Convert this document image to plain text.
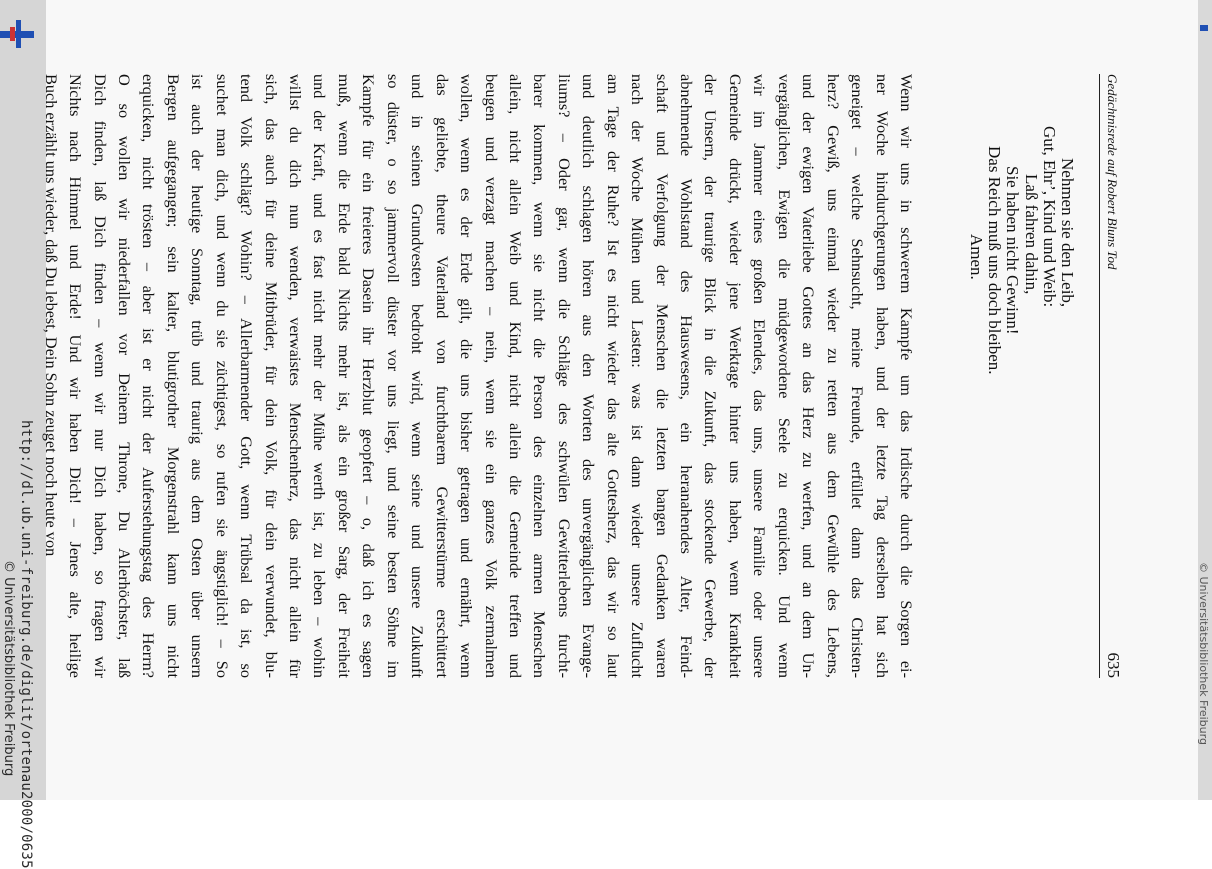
http://dl.ub.uni-freiburg.de/diglit/ortenau2000/0635
© Universitätsbibliothek Freiburg	© Universitätsbibliothek Freiburg
Gedächtnisrede auf Robert Bluns Tod
635
Nehmen sie den Leib,
Gut, Ehr’, Kind und Weib:
Laß fahren dahin,
Sie haben nicht Gewinn!
Das Reich muß uns doch bleiben.
Amen.
Wenn wir uns in schwerem Kampfe um das Irdische durch die Sorgen ei-
ner Woche hindurchgerungen haben, und der letzte Tag derselben hat sich
geneiget – welche Sehnsucht, meine Freunde, erfüllet dann das Christen-
herz? Gewiß, uns einmal wieder zu retten aus dem Gewühle des Lebens,
und der ewigen Vaterliebe Gottes an das Herz zu werfen, und an dem Un-
vergänglichen, Ewigen die müdgewordene Seele zu erquicken. Und wenn
wir im Jammer eines großen Elendes, das uns, unsere Familie oder unsere
Gemeinde drückt, wieder jene Werktage hinter uns haben, wenn Krankheit
der Unsern, der traurige Blick in die Zukunft, das stockende Gewerbe, der
abnehmende Wohlstand des Hauswesens, ein heranahendes Alter, Feind-
schaft und Verfolgung der Menschen die letzten bangen Gedanken waren
nach der Woche Mühen und Lasten: was ist dann wieder unsere Zuflucht
am Tage der Ruhe? Ist es nicht wieder das alte Gottesherz, das wir so laut
und deutlich schlagen hören aus den Worten des unvergänglichen Evange-
liums? – Oder gar, wenn die Schläge des schwülen Gewitterlebens furcht-
barer kommen, wenn sie nicht die Person des einzelnen armen Menschen
allein, nicht allein Weib und Kind, nicht allein die Gemeinde treffen und
beugen und verzagt machen – nein, wenn sie ein ganzes Volk zermalmen
wollen, wenn es der Erde gilt, die uns bisher getragen und ernährt, wenn
das geliebte, theure Vaterland von furchtbarem Gewitterstürme erschüttert
und in seinen Grundvesten bedroht wird, wenn seine und unsere Zukunft
so düster, o so jammervoll düster vor uns liegt, und seine besten Söhne im
Kampfe für ein freieres Dasein ihr Herzblut geopfert – o, daß ich es sagen
muß, wenn die Erde bald Nichts mehr ist, als ein großer Sarg, der Freiheit
und der Kraft, und es fast nicht mehr der Mühe werth ist, zu leben – wohin
willst du dich nun wenden, verwaistes Menschenherz, das nicht allein für
sich, das auch für deine Mitbrüder, für dein Volk, für dein verwundet, blu-
tend Volk schlägt? Wohin? – Allerbarmender Gott, wenn Trübsal da ist, so
suchet man dich, und wenn du sie züchtigest, so rufen sie ängstiglich! – So
ist auch der heutige Sonntag, trüb und traurig aus dem Osten über unsern
Bergen aufgegangen; sein kalter, blutigrother Morgenstrahl kann uns nicht
erquicken, nicht trösten – aber ist er nicht der Auferstehungstag des Herrn?
O so wollen wir niederfallen vor Deinem Throne, Du Allerhöchster, laß
Dich finden, laß Dich finden – wenn wir nur Dich haben, so fragen wir
Nichts nach Himmel und Erde! Und wir haben Dich! – Jenes alte, heilige
Buch erzählt uns wieder, daß Du lebest, Dein Sohn zeuget noch heute von
